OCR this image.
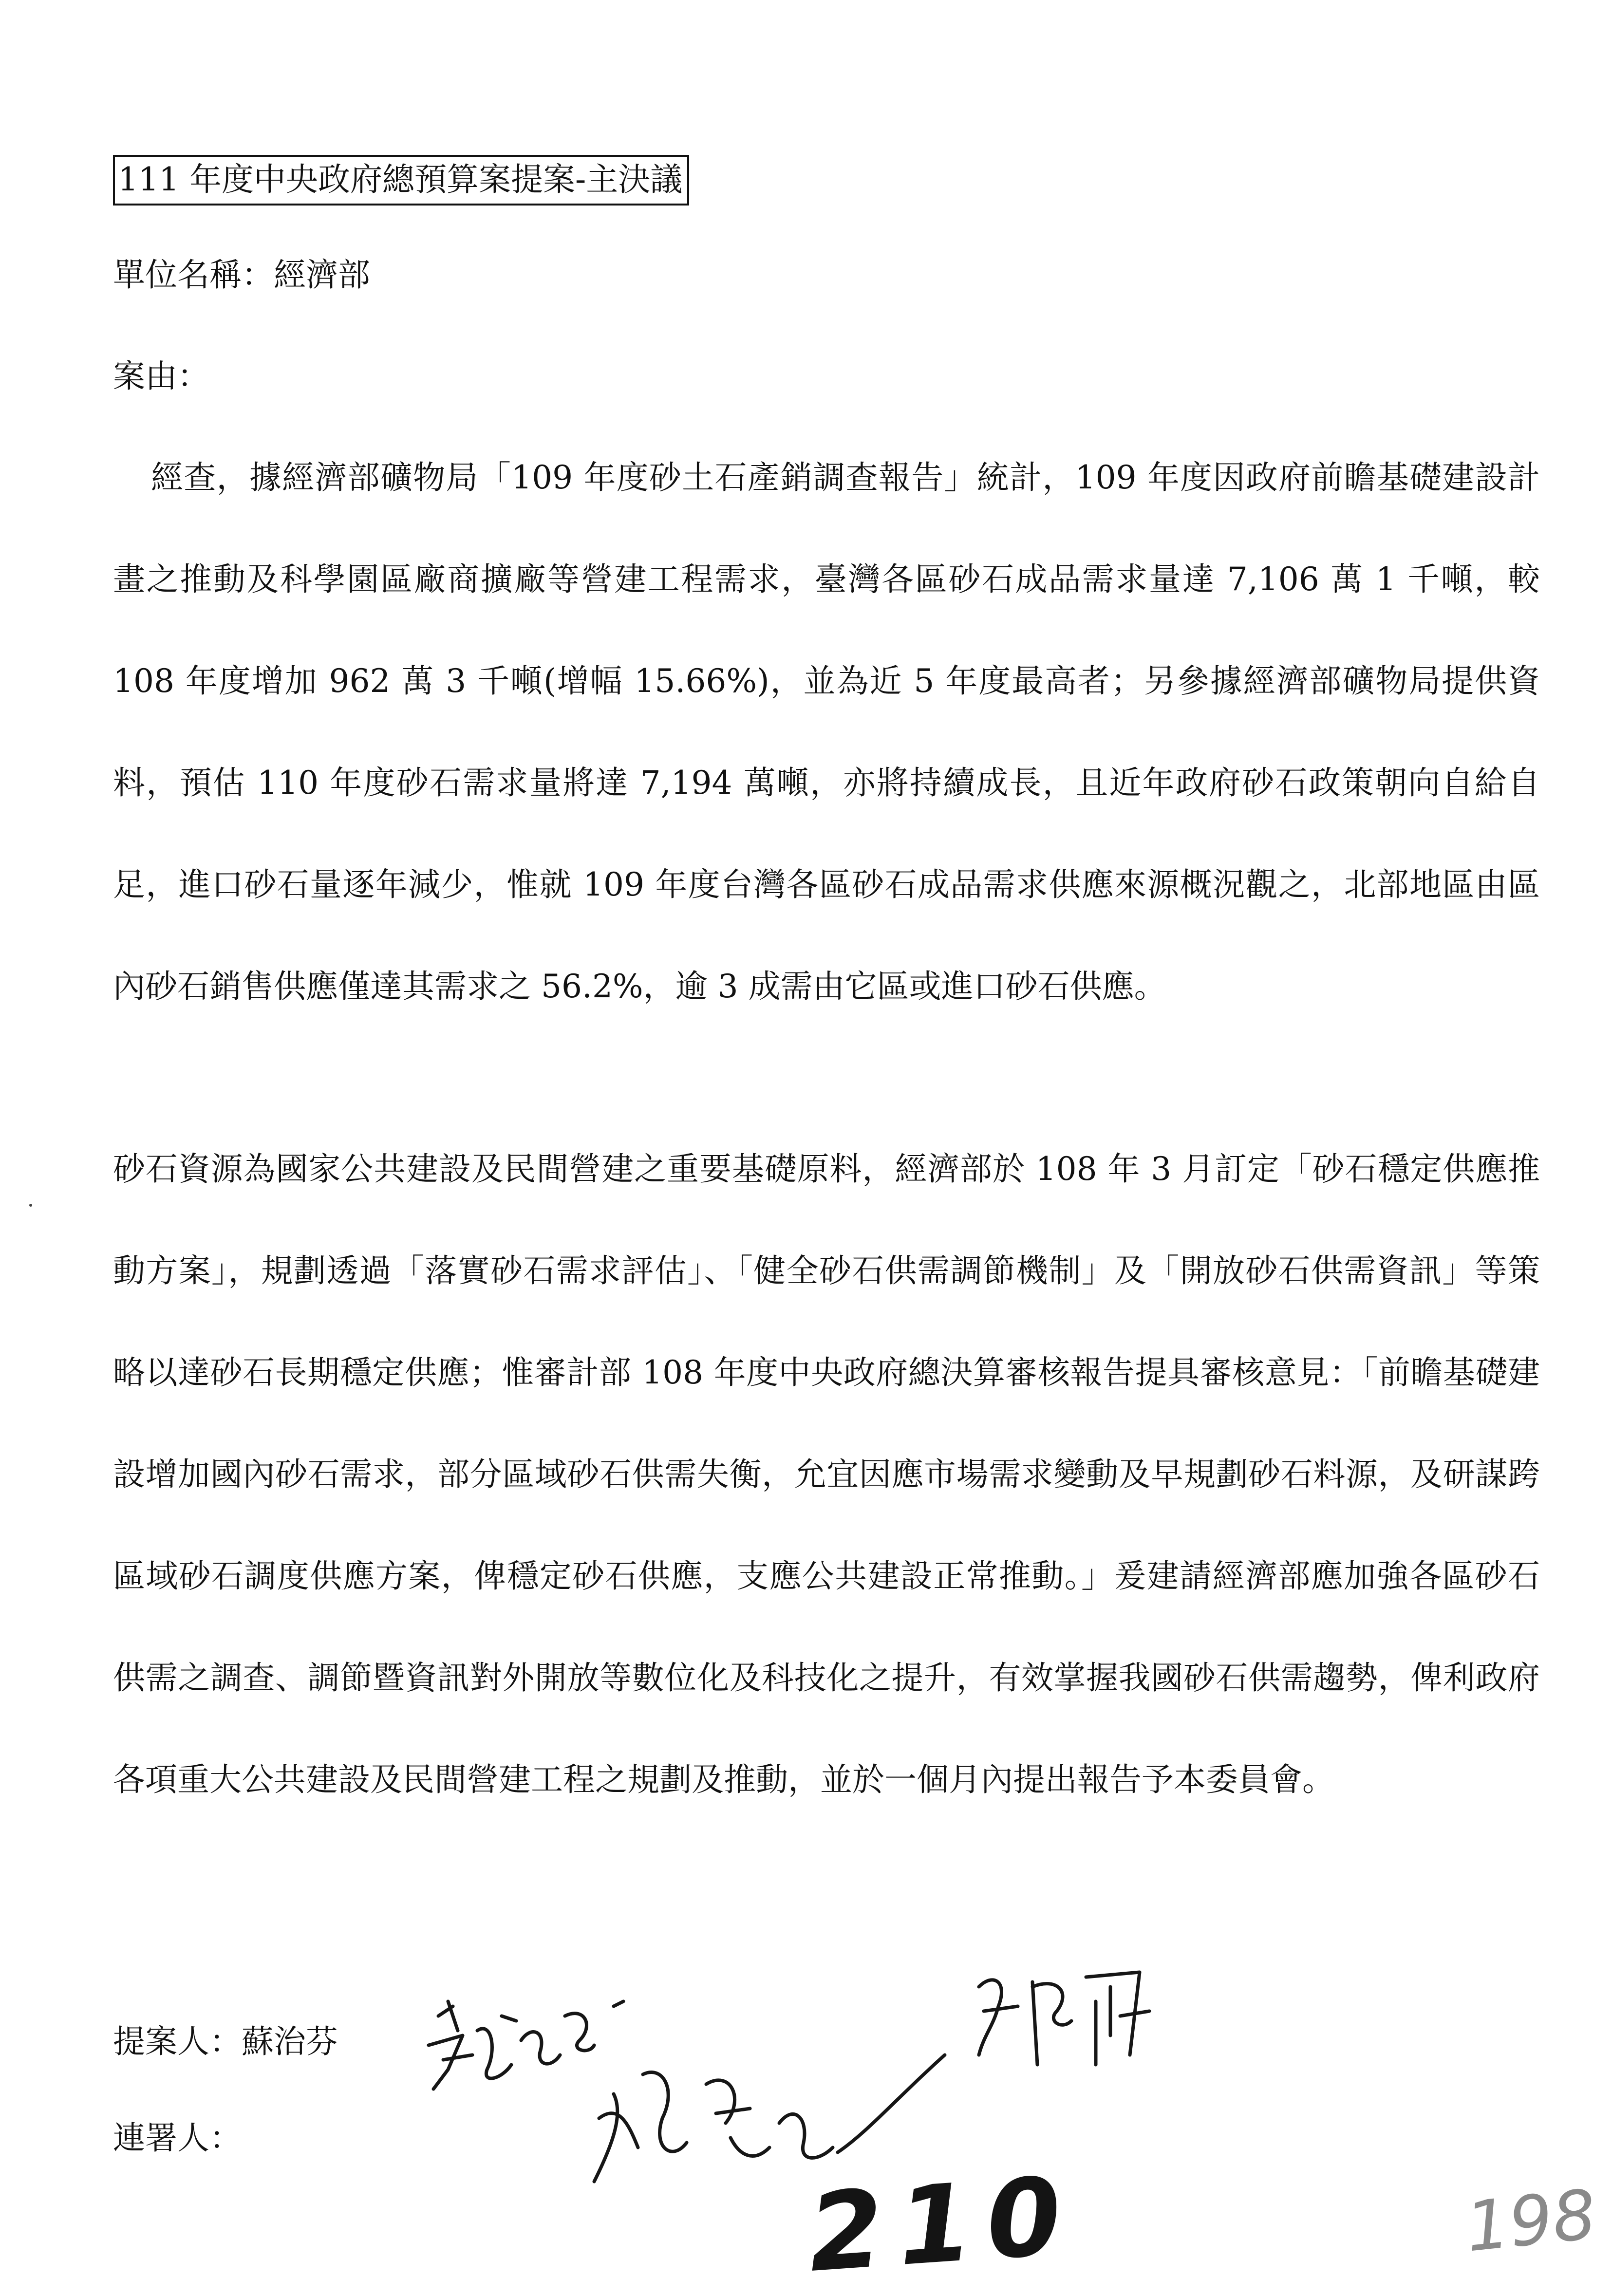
111 年度中央政府總預算案提案-主決議
單位名稱：經濟部
案由：
經查，據經濟部礦物局「109 年度砂土石產銷調查報告」統計，109 年度因政府前瞻基礎建設計畫之推動及科學園區廠商擴廠等營建工程需求，臺灣各區砂石成品需求量達 7,106 萬 1 千噸，較 108 年度增加 962 萬 3 千噸(增幅 15.66%)，並為近 5 年度最高者；另參據經濟部礦物局提供資料，預估 110 年度砂石需求量將達 7,194 萬噸，亦將持續成長，且近年政府砂石政策朝向自給自足，進口砂石量逐年減少，惟就 109 年度台灣各區砂石成品需求供應來源概況觀之，北部地區由區內砂石銷售供應僅達其需求之 56.2%，逾 3 成需由它區或進口砂石供應。
砂石資源為國家公共建設及民間營建之重要基礎原料，經濟部於 108 年 3 月訂定「砂石穩定供應推動方案」，規劃透過「落實砂石需求評估」、「健全砂石供需調節機制」及「開放砂石供需資訊」等策略以達砂石長期穩定供應；惟審計部 108 年度中央政府總決算審核報告提具審核意見：「前瞻基礎建設增加國內砂石需求，部分區域砂石供需失衡，允宜因應市場需求變動及早規劃砂石料源，及研謀跨區域砂石調度供應方案，俾穩定砂石供應，支應公共建設正常推動。」爰建請經濟部應加強各區砂石供需之調查、調節暨資訊對外開放等數位化及科技化之提升，有效掌握我國砂石供需趨勢，俾利政府各項重大公共建設及民間營建工程之規劃及推動，並於一個月內提出報告予本委員會。
提案人：蘇治芬
連署人：
210	198
